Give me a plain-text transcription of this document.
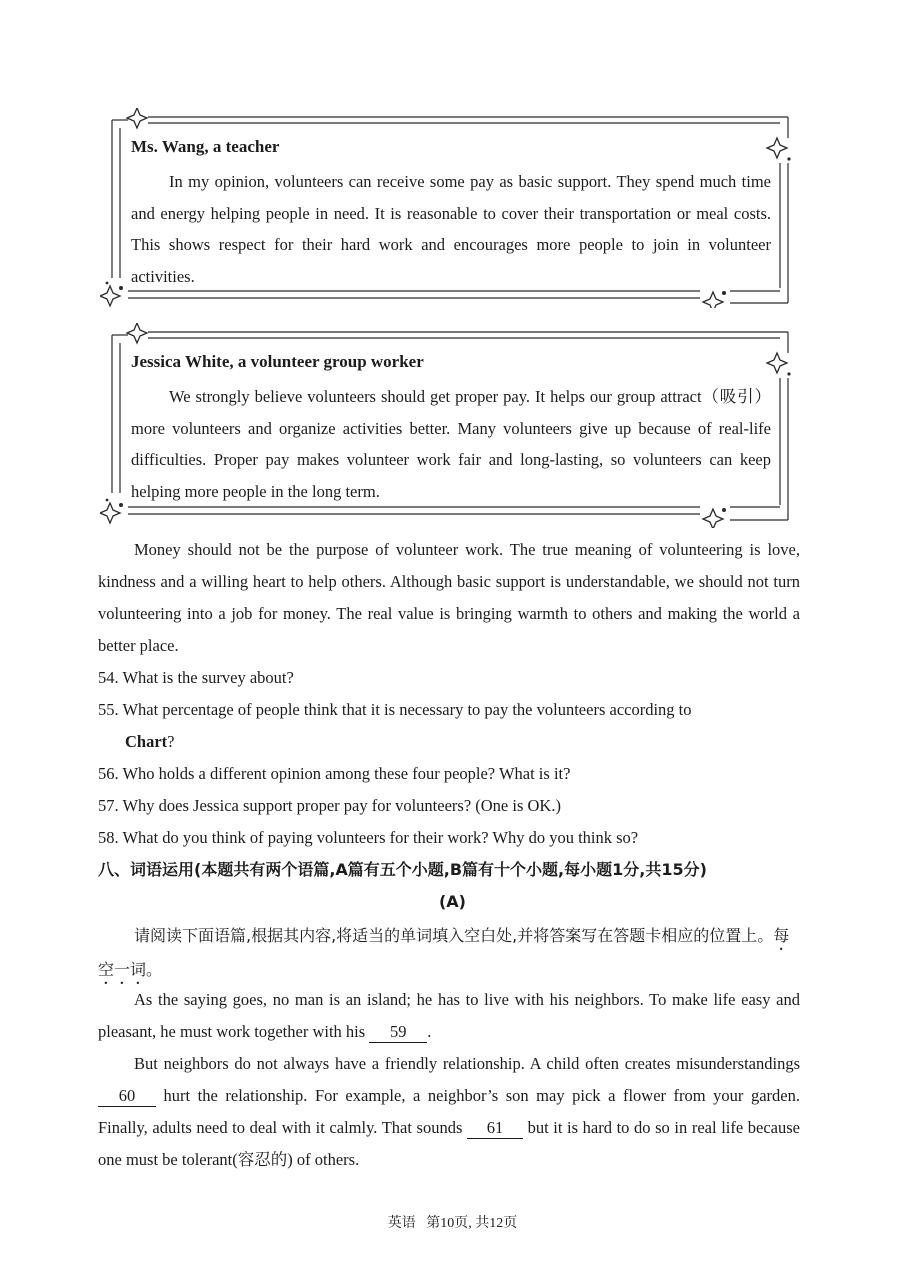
Ms. Wang, a teacher

In my opinion, volunteers can receive some pay as basic support. They spend much time and energy helping people in need. It is reasonable to cover their transportation or meal costs. This shows respect for their hard work and encourages more people to join in volunteer activities.

Jessica White, a volunteer group worker

We strongly believe volunteers should get proper pay. It helps our group attract（吸引）more volunteers and organize activities better. Many volunteers give up because of real-life difficulties. Proper pay makes volunteer work fair and long-lasting, so volunteers can keep helping more people in the long term.

Money should not be the purpose of volunteer work. The true meaning of volunteering is love, kindness and a willing heart to help others. Although basic support is understandable, we should not turn volunteering into a job for money. The real value is bringing warmth to others and making the world a better place.

54. What is the survey about?

55. What percentage of people think that it is necessary to pay the volunteers according to
Chart?

56. Who holds a different opinion among these four people? What is it?

57. Why does Jessica support proper pay for volunteers? (One is OK.)

58. What do you think of paying volunteers for their work? Why do you think so?

八、词语运用(本题共有两个语篇,A篇有五个小题,B篇有十个小题,每小题1分,共15分)
(A)

请阅读下面语篇,根据其内容,将适当的单词填入空白处,并将答案写在答题卡相应的位置上。每空一词。

As the saying goes, no man is an island; he has to live with his neighbors. To make life easy and pleasant, he must work together with his 59 .

But neighbors do not always have a friendly relationship. A child often creates misunderstandings 60 hurt the relationship. For example, a neighbor’s son may pick a flower from your garden. Finally, adults need to deal with it calmly. That sounds 61 but it is hard to do so in real life because one must be tolerant(容忍的) of others.

英语 第10页, 共12页
